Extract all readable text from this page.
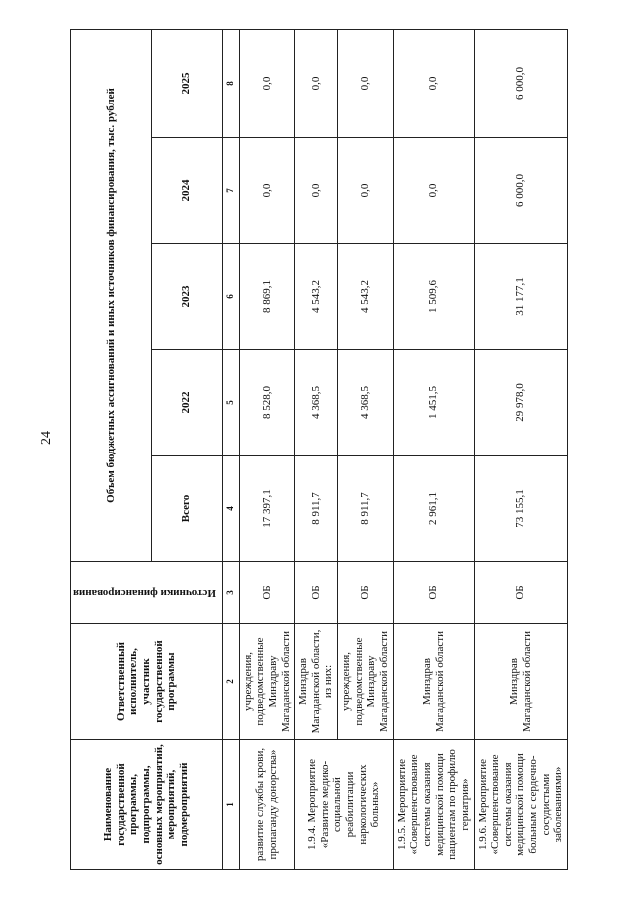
24
Наименование государственной программы, подпрограммы, основных мероприятий, мероприятий, подмероприятий	Ответственный исполнитель, участник государственной программы	Источники финансирования	Объем бюджетных ассигнований и иных источников финансирования, тыс. рублей				
			Всего	2022	2023	2024	2025
1	2	3	4	5	6	7	8
развитие службы крови, пропаганду донорства»	учреждения, подведомственные Минздраву Магаданской области	ОБ	17 397,1	8 528,0	8 869,1	0,0	0,0
1.9.4. Мероприятие «Развитие медико-социальной реабилитации наркологических больных»	Минздрав Магаданской области, из них:	ОБ	8 911,7	4 368,5	4 543,2	0,0	0,0
	учреждения, подведомственные Минздраву Магаданской области	ОБ	8 911,7	4 368,5	4 543,2	0,0	0,0
1.9.5. Мероприятие «Совершенствование системы оказания медицинской помощи пациентам по профилю гериатрия»	Минздрав Магаданской области	ОБ	2 961,1	1 451,5	1 509,6	0,0	0,0
1.9.6. Мероприятие «Совершенствование системы оказания медицинской помощи больным с сердечно-сосудистыми заболеваниями»	Минздрав Магаданской области	ОБ	73 155,1	29 978,0	31 177,1	6 000,0	6 000,0
